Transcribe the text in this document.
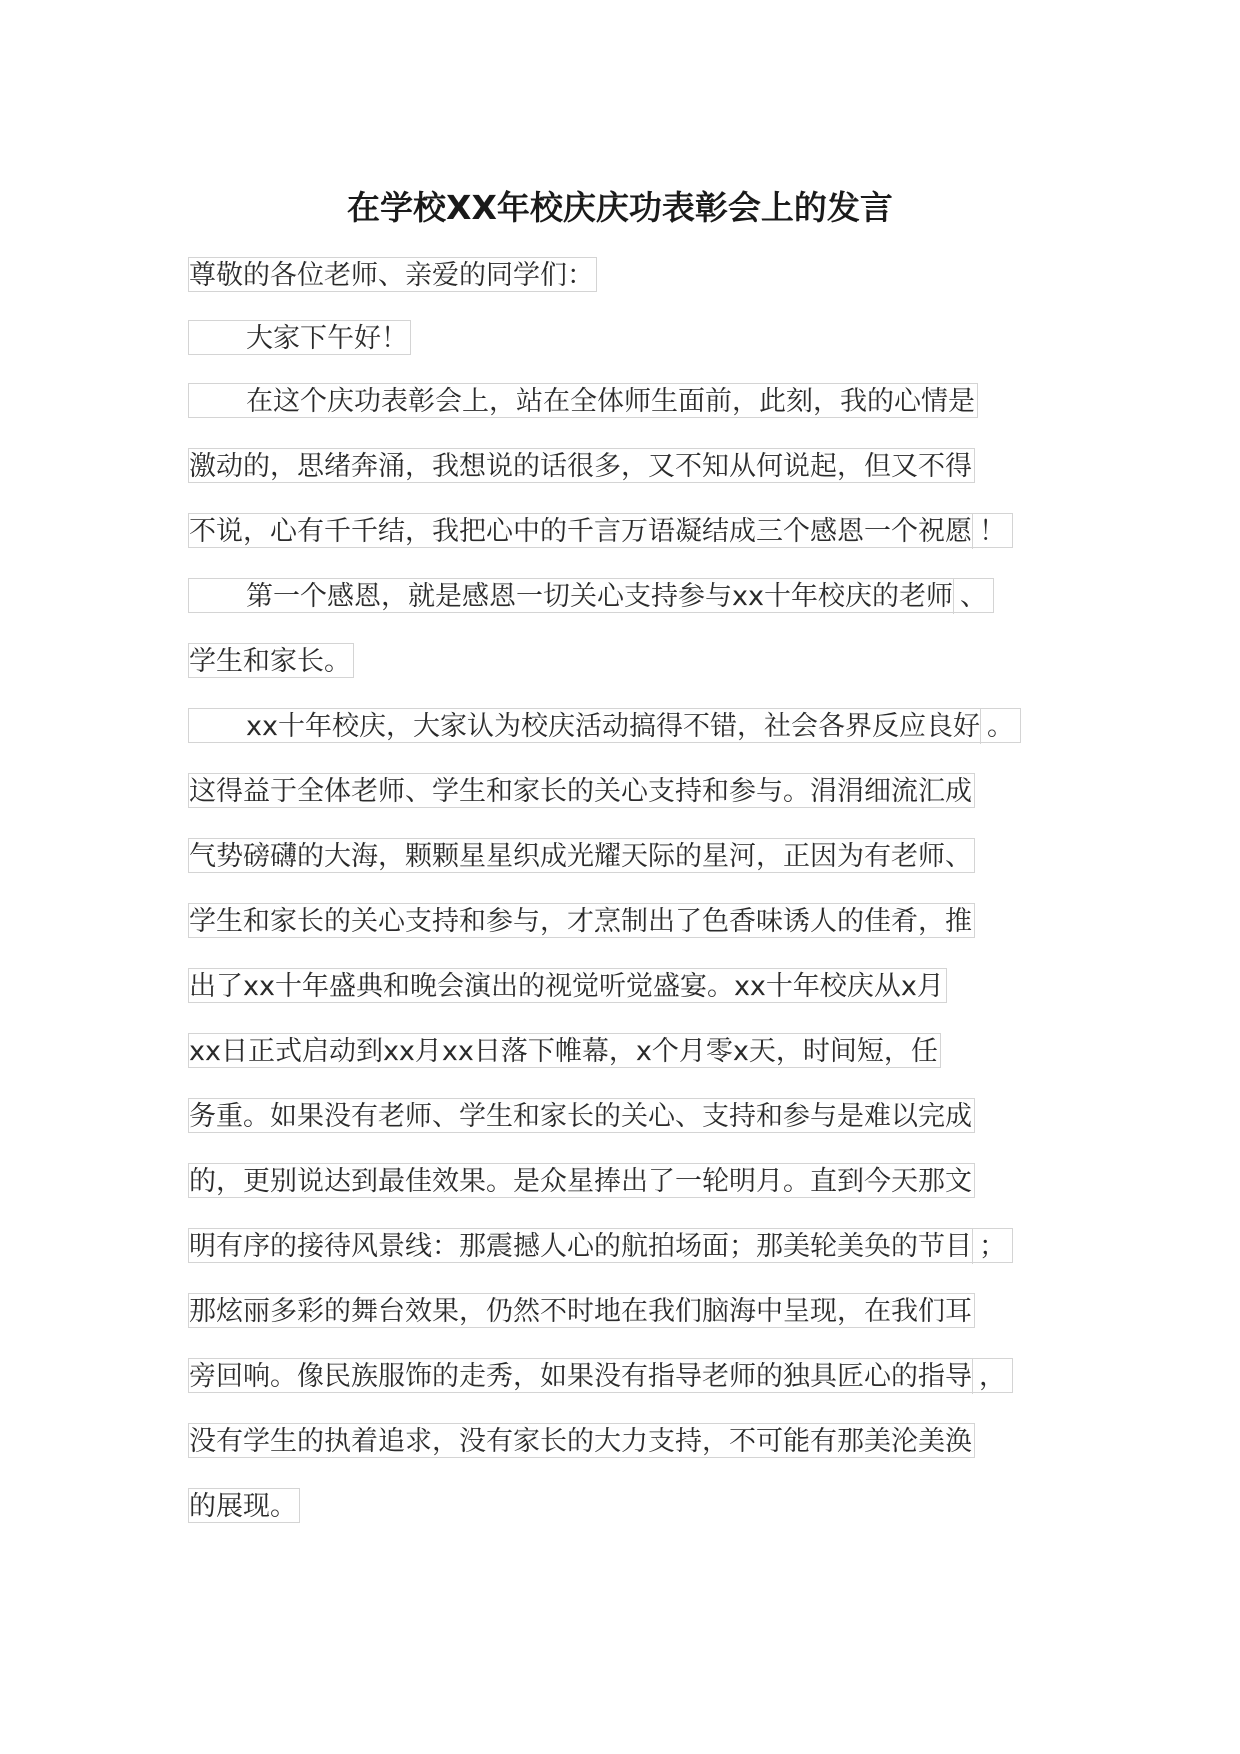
在学校XX年校庆庆功表彰会上的发言
尊敬的各位老师、亲爱的同学们：
大家下午好！
在这个庆功表彰会上，站在全体师生面前，此刻，我的心情是
激动的，思绪奔涌，我想说的话很多，又不知从何说起，但又不得
不说，心有千千结，我把心中的千言万语凝结成三个感恩一个祝愿 ！
第一个感恩，就是感恩一切关心支持参与xx十年校庆的老师 、
学生和家长。
xx十年校庆，大家认为校庆活动搞得不错，社会各界反应良好 。
这得益于全体老师、学生和家长的关心支持和参与。涓涓细流汇成
气势磅礴的大海，颗颗星星织成光耀天际的星河，正因为有老师、
学生和家长的关心支持和参与，才烹制出了色香味诱人的佳肴，推
出了xx十年盛典和晚会演出的视觉听觉盛宴。xx十年校庆从x月
xx日正式启动到xx月xx日落下帷幕，x个月零x天，时间短，任
务重。如果没有老师、学生和家长的关心、支持和参与是难以完成
的，更别说达到最佳效果。是众星捧出了一轮明月。直到今天那文
明有序的接待风景线：那震撼人心的航拍场面；那美轮美奂的节目 ；
那炫丽多彩的舞台效果，仍然不时地在我们脑海中呈现，在我们耳
旁回响。像民族服饰的走秀，如果没有指导老师的独具匠心的指导 ，
没有学生的执着追求，没有家长的大力支持，不可能有那美沦美涣
的展现。
